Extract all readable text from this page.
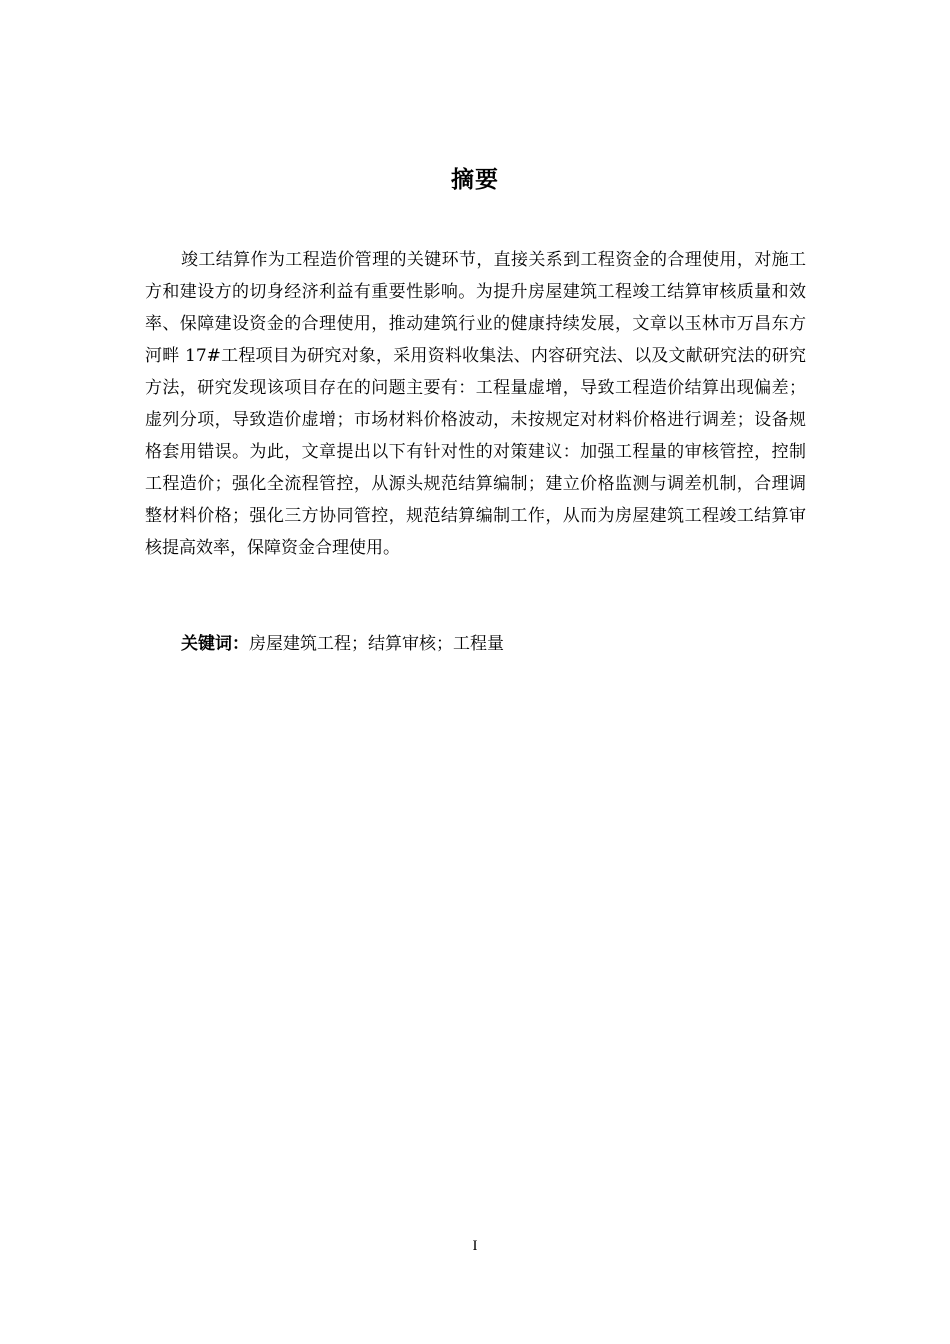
摘要

竣工结算作为工程造价管理的关键环节，直接关系到工程资金的合理使用，对施工方和建设方的切身经济利益有重要性影响。为提升房屋建筑工程竣工结算审核质量和效率、保障建设资金的合理使用，推动建筑行业的健康持续发展，文章以玉林市万昌东方河畔 17#工程项目为研究对象，采用资料收集法、内容研究法、以及文献研究法的研究方法，研究发现该项目存在的问题主要有：工程量虚增，导致工程造价结算出现偏差；虚列分项，导致造价虚增；市场材料价格波动，未按规定对材料价格进行调差；设备规格套用错误。为此，文章提出以下有针对性的对策建议：加强工程量的审核管控，控制工程造价；强化全流程管控，从源头规范结算编制；建立价格监测与调差机制，合理调整材料价格；强化三方协同管控，规范结算编制工作，从而为房屋建筑工程竣工结算审核提高效率，保障资金合理使用。

关键词：房屋建筑工程；结算审核；工程量
I
